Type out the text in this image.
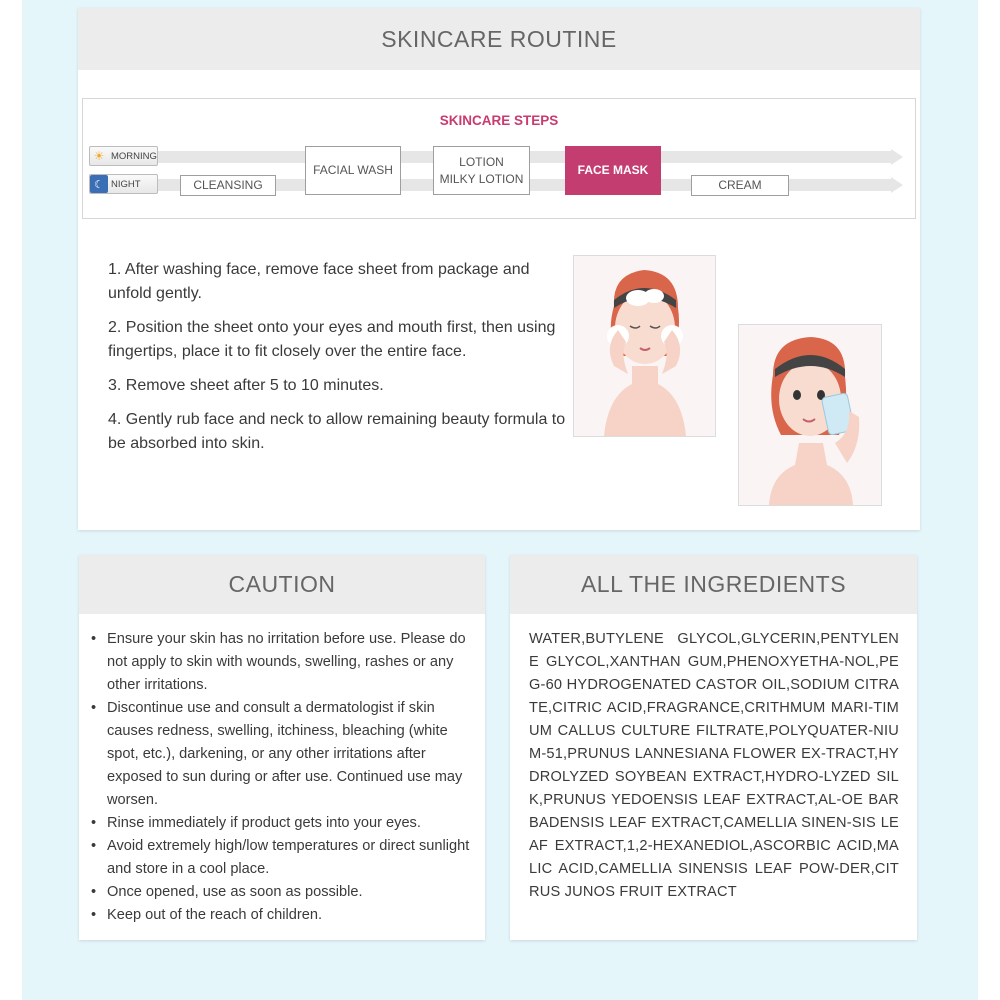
SKINCARE ROUTINE
SKINCARE STEPS
☀ MORNING
☾ NIGHT	CLEANSING
FACIAL WASH
LOTION
MILKY LOTION
FACE MASK
CREAM

1. After washing face, remove face sheet from package and unfold gently.

2. Position the sheet onto your eyes and mouth first, then using fingertips, place it to fit closely over the entire face.

3. Remove sheet after 5 to 10 minutes.

4. Gently rub face and neck to allow remaining beauty formula to be absorbed into skin.

CAUTION
• Ensure your skin has no irritation before use. Please do not apply to skin with wounds, swelling, rashes or any other irritations.
• Discontinue use and consult a dermatologist if skin causes redness, swelling, itchiness, bleaching (white spot, etc.), darkening, or any other irritations after exposed to sun during or after use. Continued use may worsen.
• Rinse immediately if product gets into your eyes.
• Avoid extremely high/low temperatures or direct sunlight and store in a cool place.
• Once opened, use as soon as possible.
• Keep out of the reach of children.
ALL THE INGREDIENTS
WATER,BUTYLENE GLYCOL,GLYCERIN,PENTYLENE GLYCOL,XANTHAN GUM,PHENOXYETHA-NOL,PEG-60 HYDROGENATED CASTOR OIL,SODIUM CITRATE,CITRIC ACID,FRAGRANCE,CRITHMUM MARI-TIMUM CALLUS CULTURE FILTRATE,POLYQUATER-NIUM-51,PRUNUS LANNESIANA FLOWER EX-TRACT,HYDROLYZED SOYBEAN EXTRACT,HYDRO-LYZED SILK,PRUNUS YEDOENSIS LEAF EXTRACT,AL-OE BARBADENSIS LEAF EXTRACT,CAMELLIA SINEN-SIS LEAF EXTRACT,1,2-HEXANEDIOL,ASCORBIC ACID,MALIC ACID,CAMELLIA SINENSIS LEAF POW-DER,CITRUS JUNOS FRUIT EXTRACT
